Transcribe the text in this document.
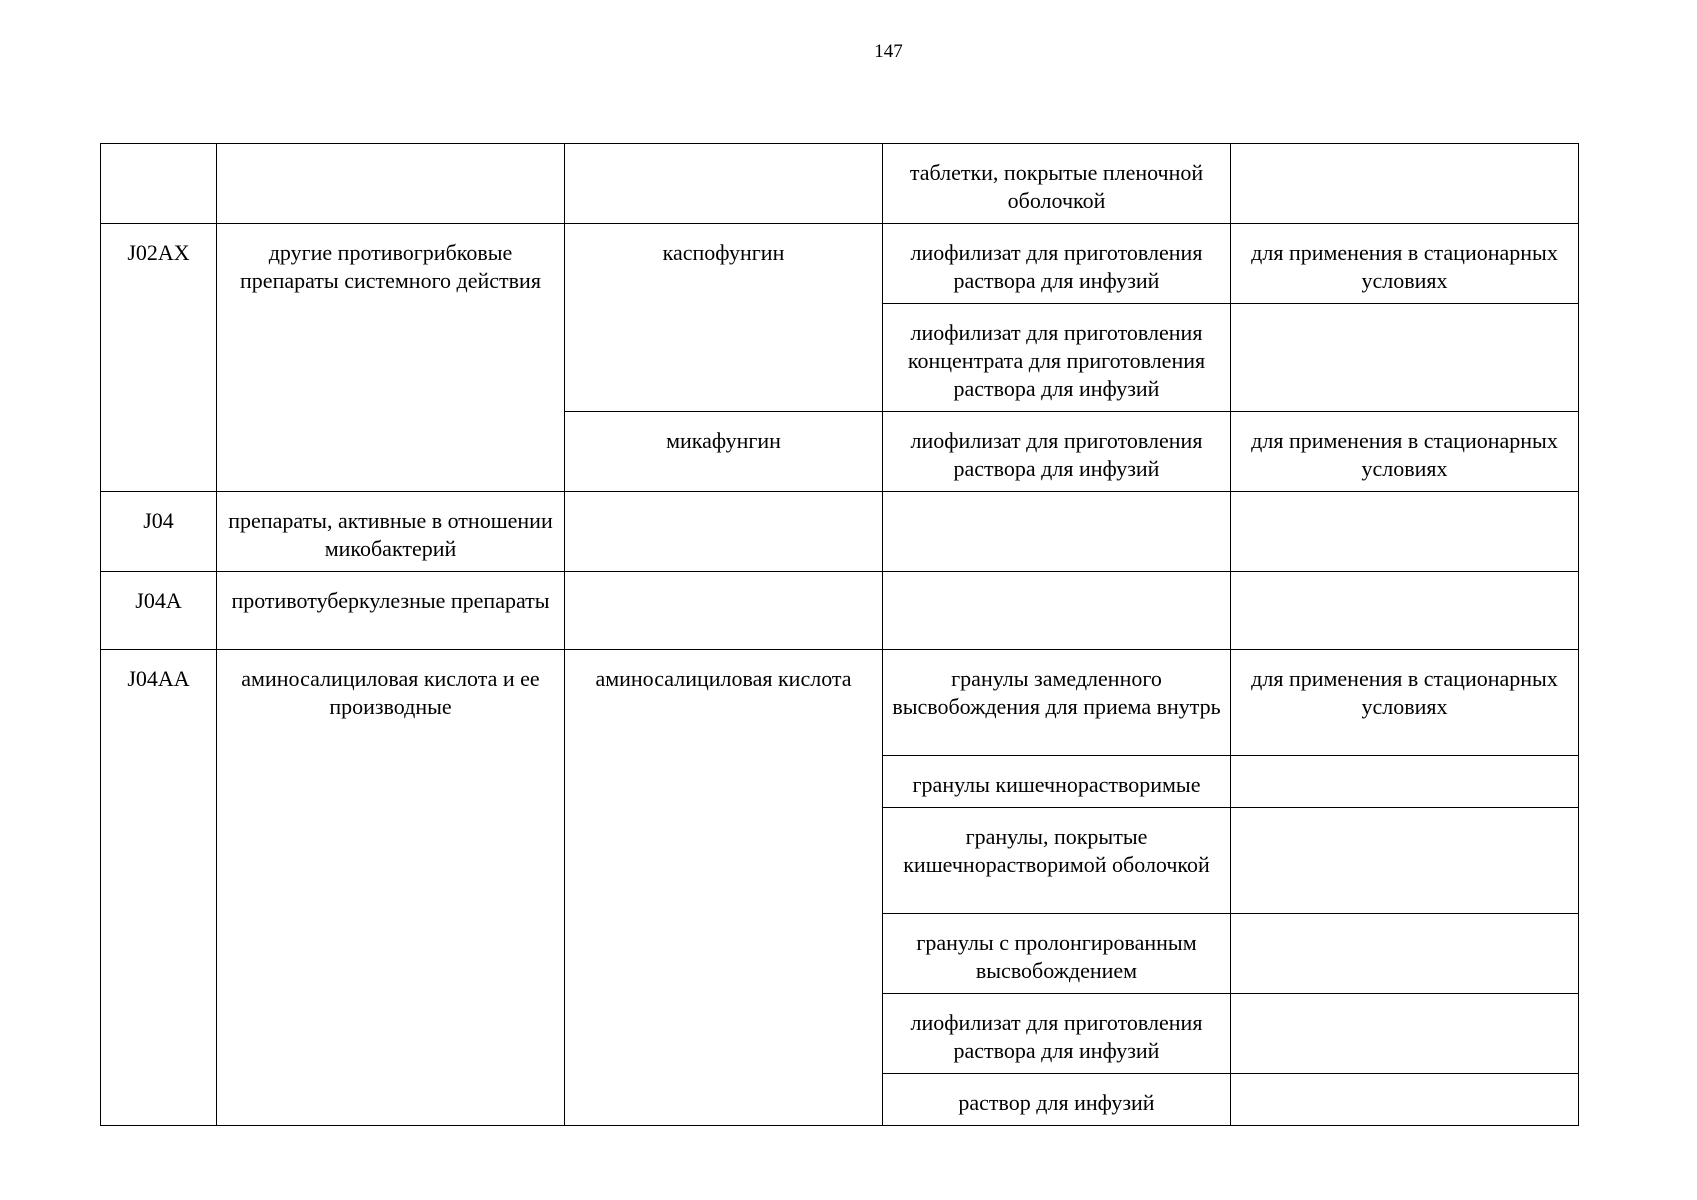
147
			таблетки, покрытые пленочной оболочкой	
J02AX	другие противогрибковые препараты системного действия	каспофунгин	лиофилизат для приготовления раствора для инфузий	для применения в стационарных условиях
			лиофилизат для приготовления концентрата для приготовления раствора для инфузий	
		микафунгин	лиофилизат для приготовления раствора для инфузий	для применения в стационарных условиях
J04	препараты, активные в отношении микобактерий			
J04A	противотуберкулезные препараты			
J04AA	аминосалициловая кислота и ее производные	аминосалициловая кислота	гранулы замедленного высвобождения для приема внутрь	для применения в стационарных условиях
			гранулы кишечнорастворимые	
			гранулы, покрытые кишечнорастворимой оболочкой	
			гранулы с пролонгированным высвобождением	
			лиофилизат для приготовления раствора для инфузий	
			раствор для инфузий	
